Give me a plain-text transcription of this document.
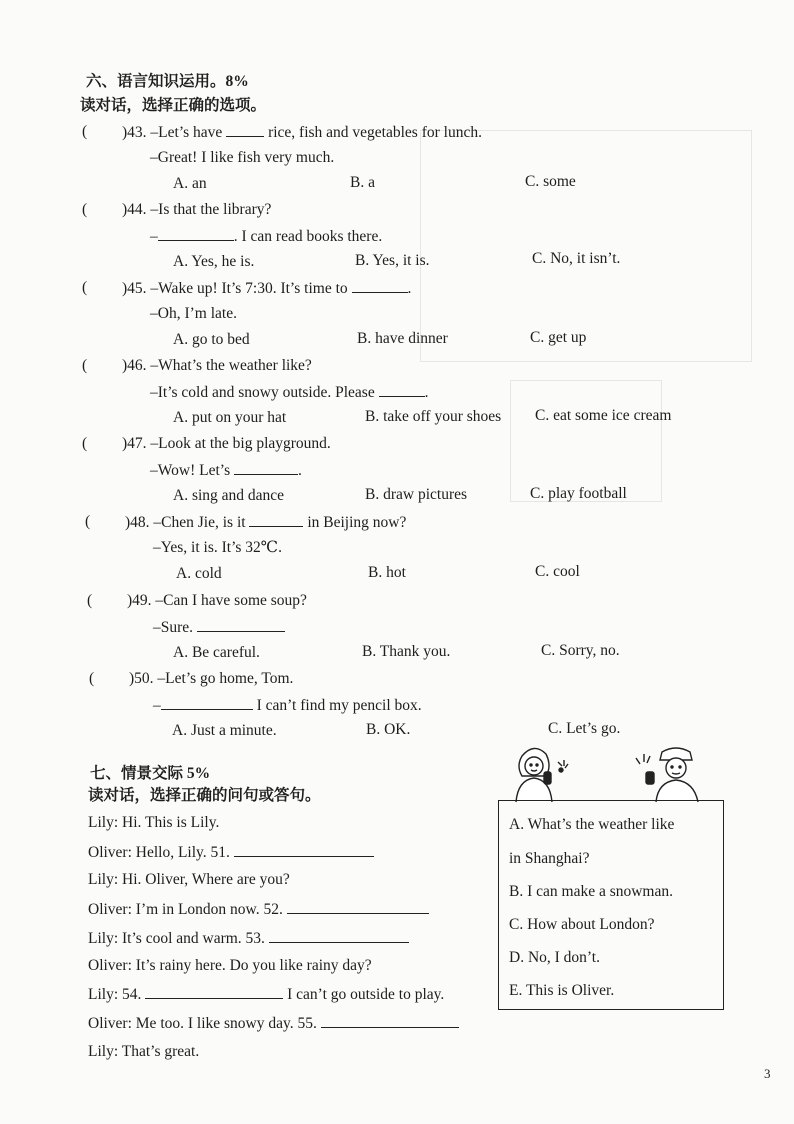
六、语言知识运用。8%
读对话，选择正确的选项。
( )43. –Let’s have	rice, fish and vegetables for lunch.
–Great! I like fish very much.
A. an	B. a	C. some
( )44. –Is that the library?
–	. I can read books there.
A. Yes, he is.	B. Yes, it is.	C. No, it isn’t.
( )45. –Wake up! It’s 7:30. It’s time to	.
–Oh, I’m late.
A. go to bed	B. have dinner	C. get up
( )46. –What’s the weather like?
–It’s cold and snowy outside. Please	.
A. put on your hat	B. take off your shoes C. eat some ice cream
( )47. –Look at the big playground.
–Wow! Let’s	.
A. sing and dance	B. draw pictures	C. play football
( )48. –Chen Jie, is it	in Beijing now?
–Yes, it is. It’s 32℃.
A. cold	B. hot	C. cool
( )49. –Can I have some soup?
–Sure.
A. Be careful.	B. Thank you.	C. Sorry, no.
( )50. –Let’s go home, Tom.
–	I can’t find my pencil box.
A. Just a minute.	B. OK.	C. Let’s go.
七、情景交际 5%
读对话，选择正确的问句或答句。
Lily: Hi. This is Lily.
Oliver: Hello, Lily. 51.
Lily: Hi. Oliver, Where are you?
Oliver: I’m in London now. 52.
Lily: It’s cool and warm. 53.
Oliver: It’s rainy here. Do you like rainy day?
Lily: 54.	I can’t go outside to play.
Oliver: Me too. I like snowy day. 55.
Lily: That’s great.
A. What’s the weather like
in Shanghai?
B. I can make a snowman.
C. How about London?
D. No, I don’t.
E. This is Oliver.
3
